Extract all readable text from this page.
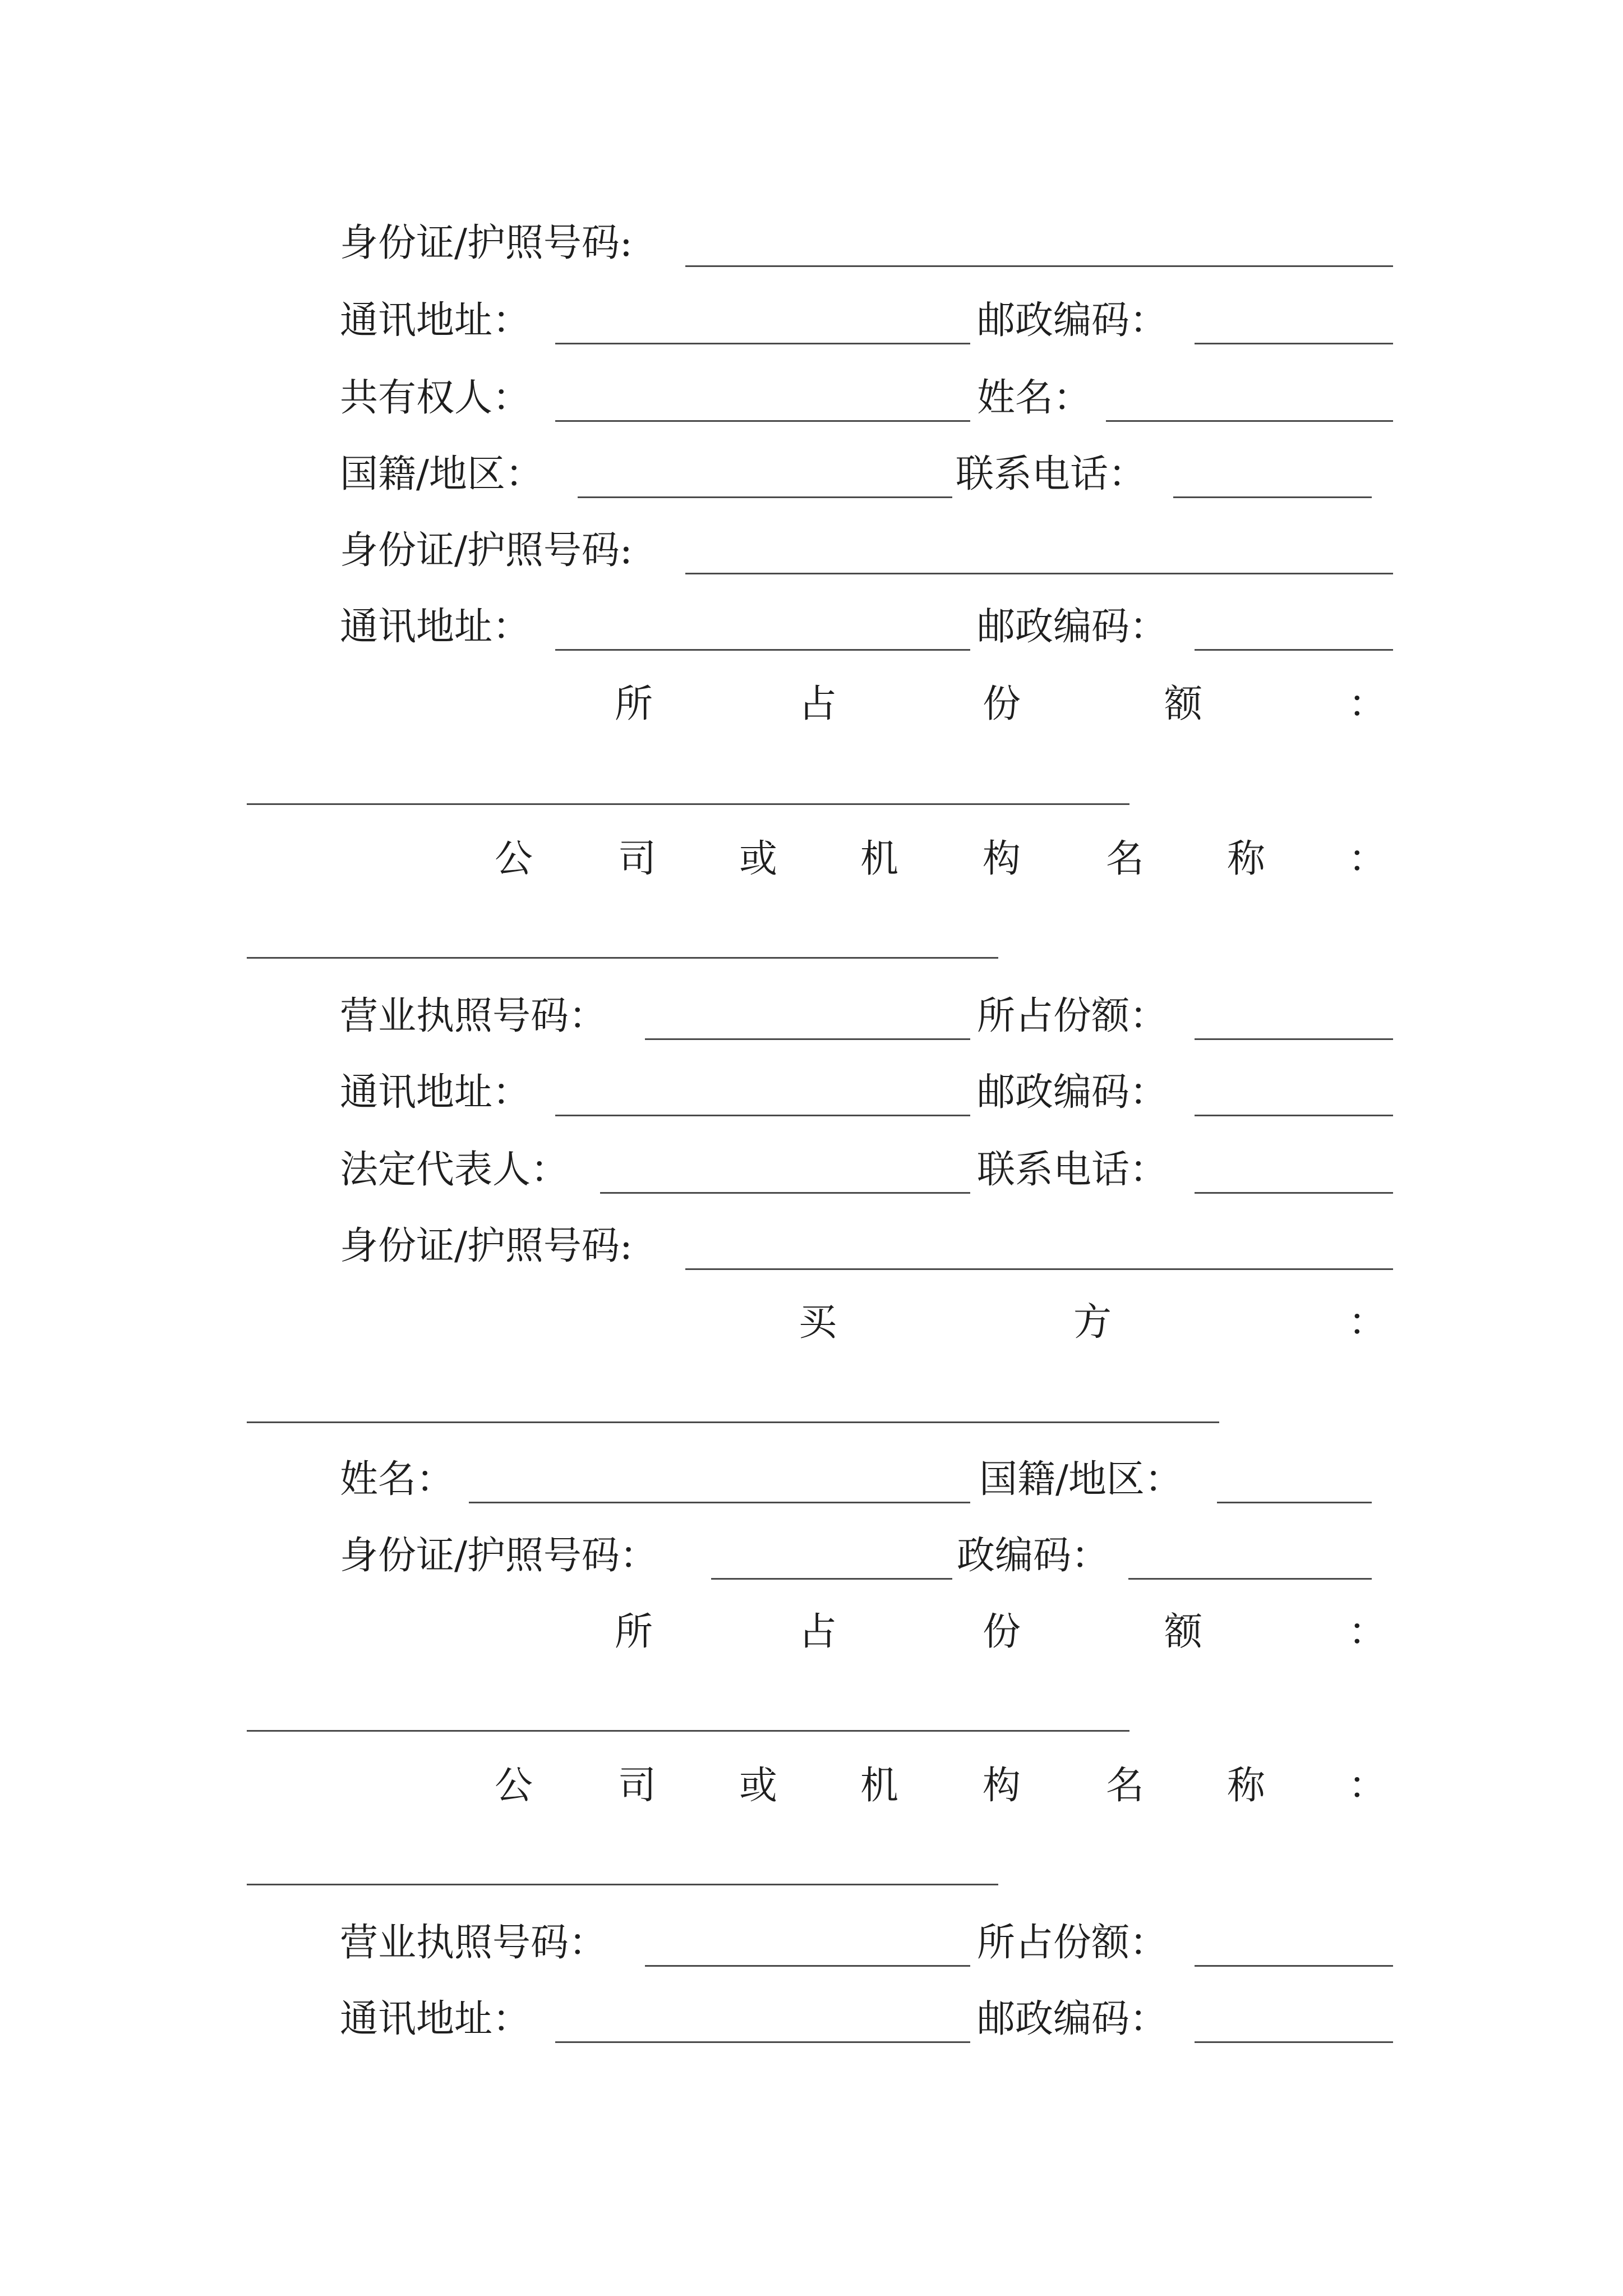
身份证/护照号码:
通讯地址：	邮政编码：
共有权人：	姓名：
国籍/地区：	联系电话：
身份证/护照号码:
通讯地址：	邮政编码：
所	占	份	额	：
公 司 或 机 构 名 称 ：
营业执照号码：	所占份额：
通讯地址：	邮政编码：
法定代表人：	联系电话：
身份证/护照号码:
买	方	：
姓名：	国籍/地区：
身份证/护照号码：	政编码：
所	占	份	额	：
公 司 或 机 构 名 称 ：
营业执照号码：	所占份额：
通讯地址：	邮政编码：
